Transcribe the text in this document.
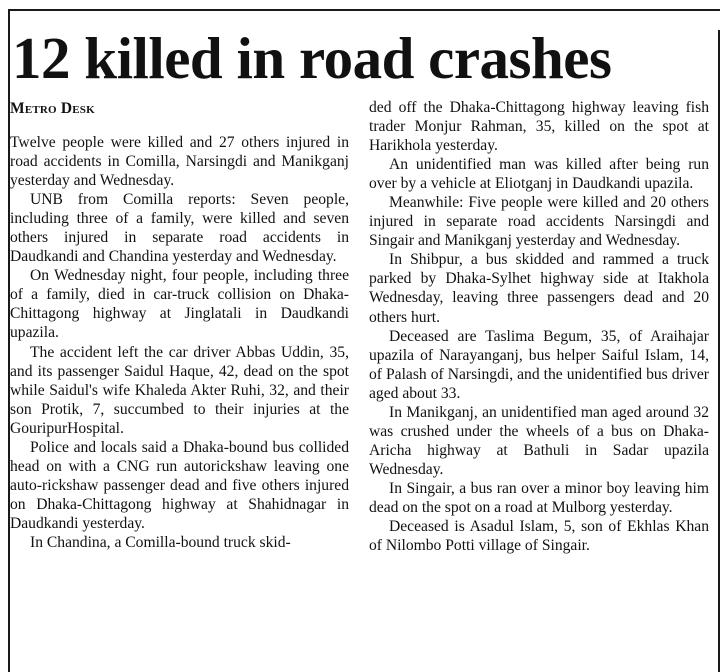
12 killed in road crashes
Metro Desk

Twelve people were killed and 27 others injured in road accidents in Comilla, Narsingdi and Manikganj yesterday and Wednesday.

UNB from Comilla reports: Seven people, including three of a family, were killed and seven others injured in separate road accidents in Daudkandi and Chandina yesterday and Wednesday.

On Wednesday night, four people, including three of a family, died in car-truck collision on Dhaka-Chittagong highway at Jinglatali in Daudkandi upazila.

The accident left the car driver Abbas Uddin, 35, and its passenger Saidul Haque, 42, dead on the spot while Saidul's wife Khaleda Akter Ruhi, 32, and their son Protik, 7, succumbed to their injuries at the GouripurHospital.

Police and locals said a Dhaka-bound bus collided head on with a CNG run autorickshaw leaving one auto-rickshaw passenger dead and five others injured on Dhaka-Chittagong highway at Shahidnagar in Daudkandi yesterday.

In Chandina, a Comilla-bound truck skid-

ded off the Dhaka-Chittagong highway leaving fish trader Monjur Rahman, 35, killed on the spot at Harikhola yesterday.

An unidentified man was killed after being run over by a vehicle at Eliotganj in Daudkandi upazila.

Meanwhile: Five people were killed and 20 others injured in separate road accidents Narsingdi and Singair and Manikganj yesterday and Wednesday.

In Shibpur, a bus skidded and rammed a truck parked by Dhaka-Sylhet highway side at Itakhola Wednesday, leaving three passengers dead and 20 others hurt.

Deceased are Taslima Begum, 35, of Araihajar upazila of Narayanganj, bus helper Saiful Islam, 14, of Palash of Narsingdi, and the unidentified bus driver aged about 33.

In Manikganj, an unidentified man aged around 32 was crushed under the wheels of a bus on Dhaka-Aricha highway at Bathuli in Sadar upazila Wednesday.

In Singair, a bus ran over a minor boy leaving him dead on the spot on a road at Mulborg yesterday.

Deceased is Asadul Islam, 5, son of Ekhlas Khan of Nilombo Potti village of Singair.
